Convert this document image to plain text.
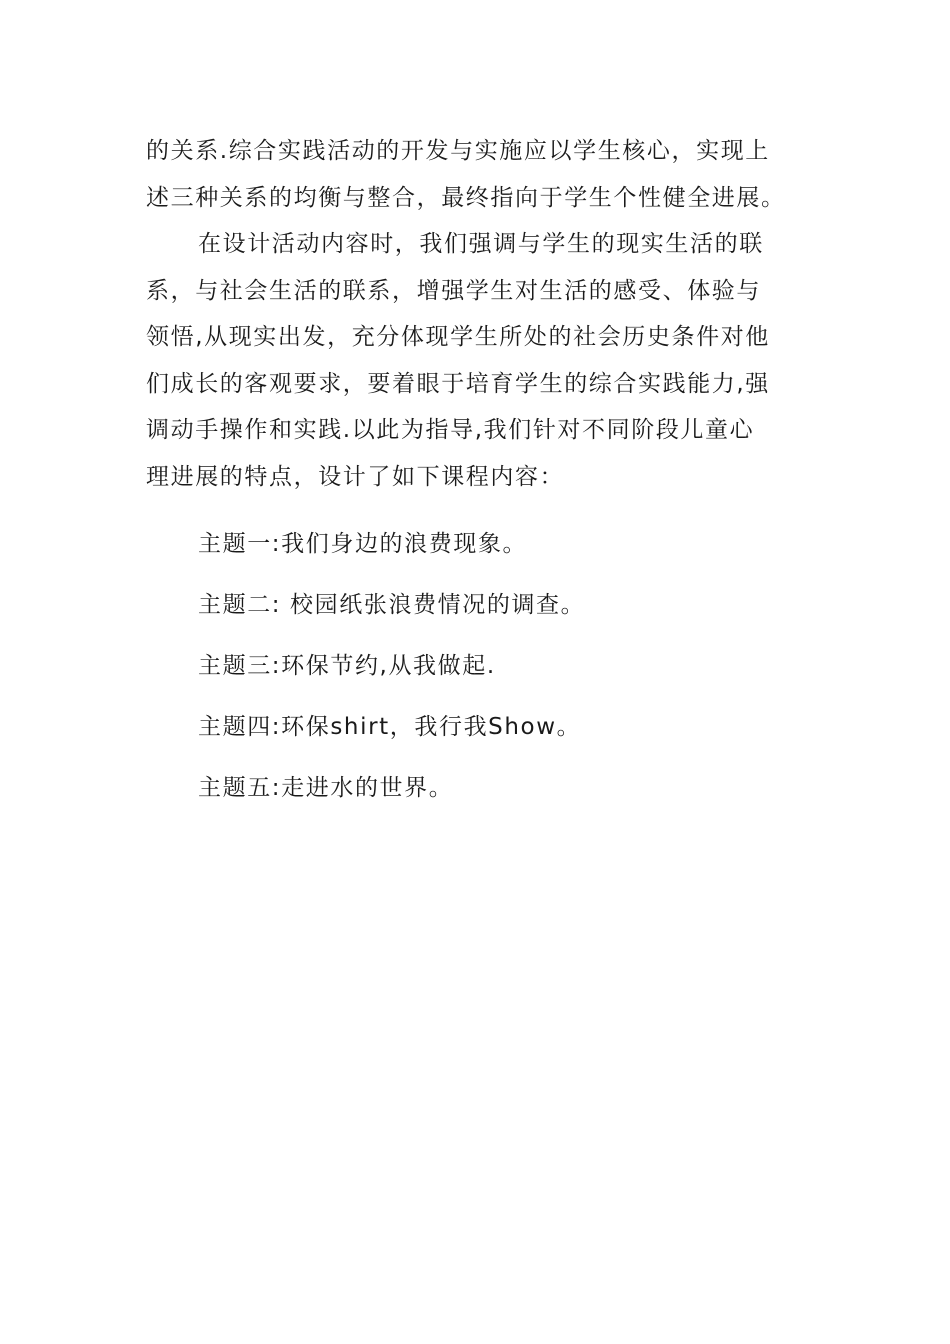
的关系.综合实践活动的开发与实施应以学生核心，实现上
述三种关系的均衡与整合，最终指向于学生个性健全进展。
在设计活动内容时，我们强调与学生的现实生活的联
系，与社会生活的联系，增强学生对生活的感受、体验与
领悟,从现实出发，充分体现学生所处的社会历史条件对他
们成长的客观要求，要着眼于培育学生的综合实践能力,强
调动手操作和实践.以此为指导,我们针对不同阶段儿童心
理进展的特点，设计了如下课程内容：
主题一:我们身边的浪费现象。
主题二: 校园纸张浪费情况的调查。
主题三:环保节约,从我做起.
主题四:环保shirt，我行我Show。
主题五:走进水的世界。
